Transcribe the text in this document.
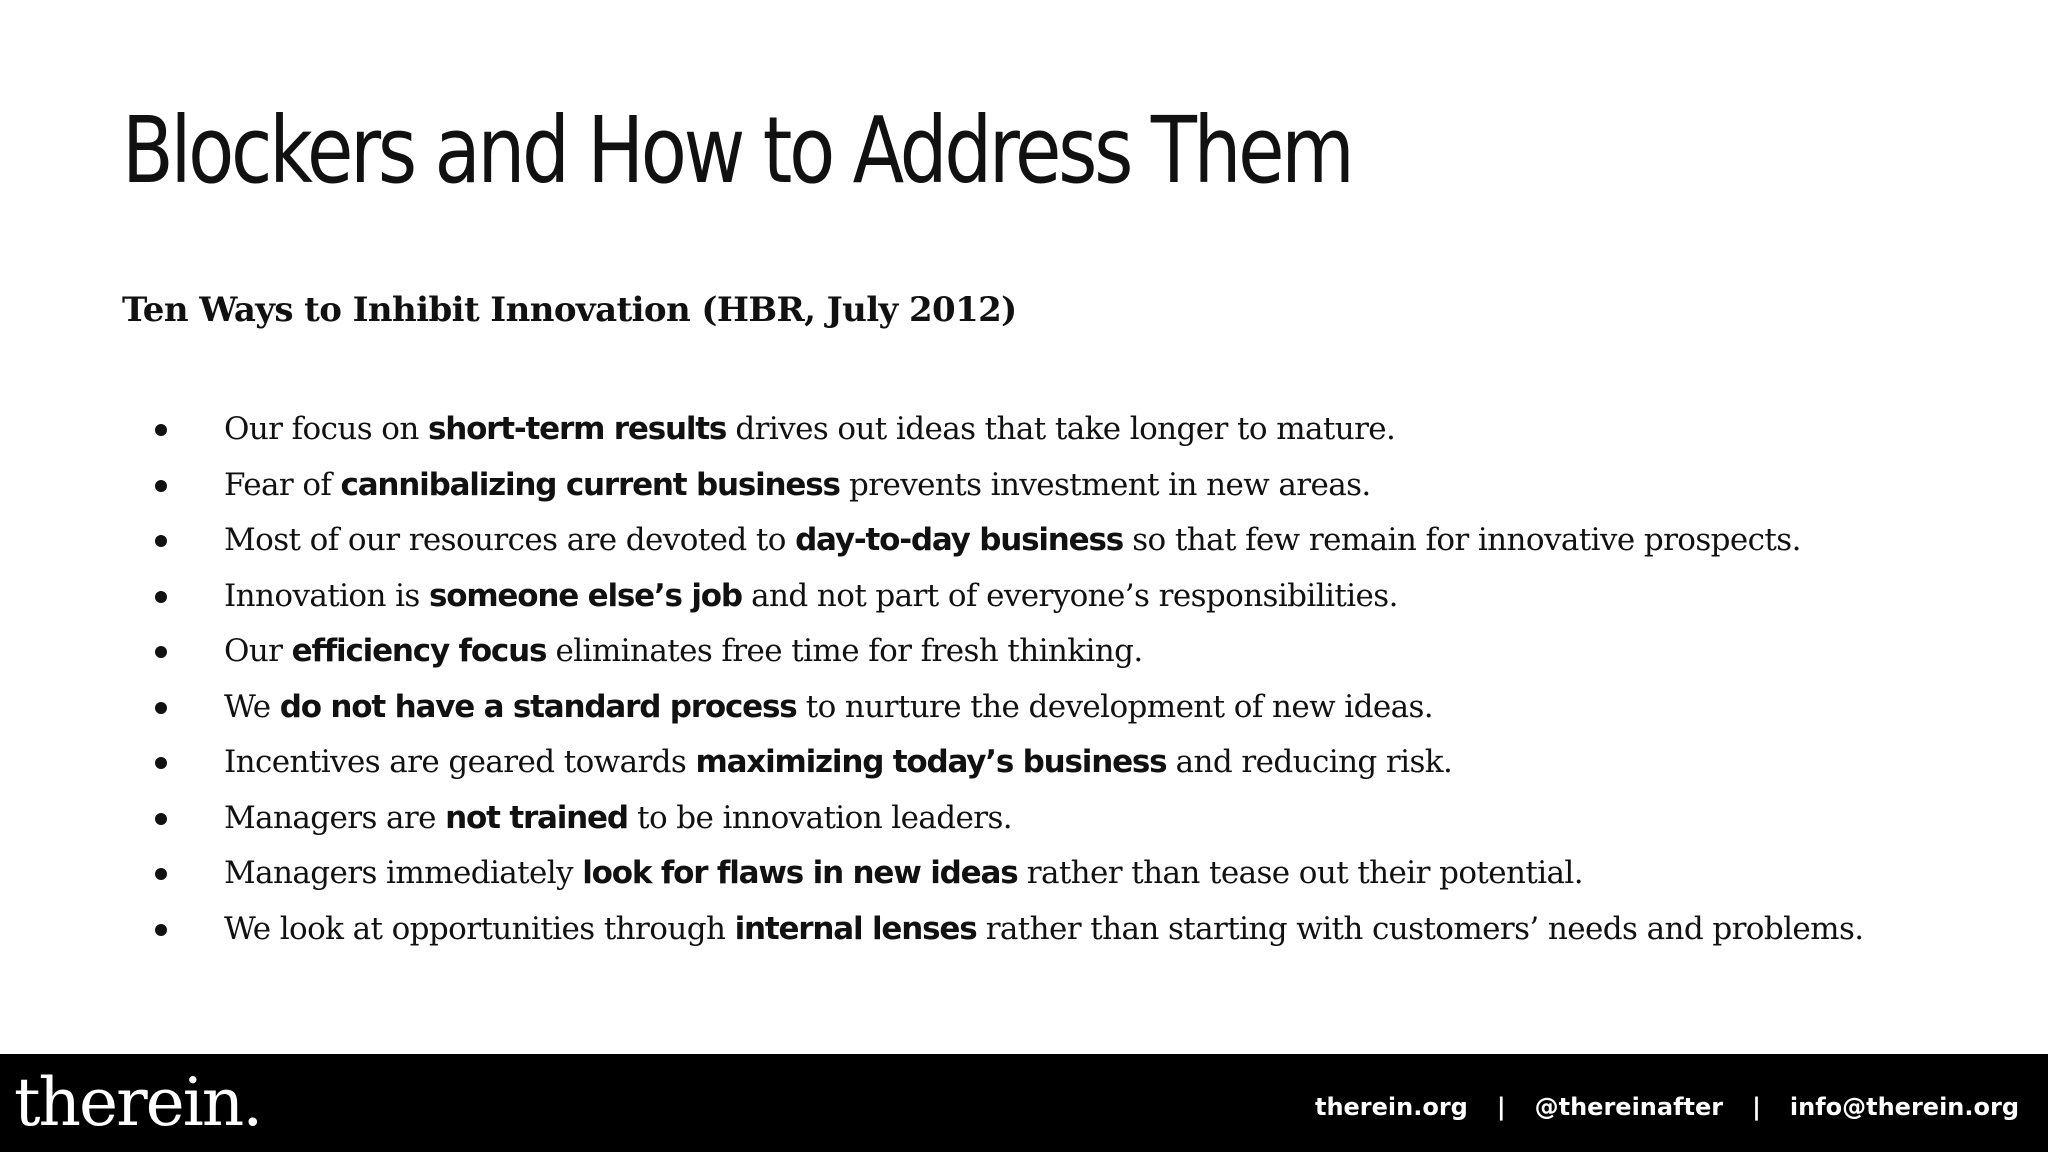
Blockers and How to Address Them
Ten Ways to Inhibit Innovation (HBR, July 2012)
Our focus on short-term results drives out ideas that take longer to mature.
Fear of cannibalizing current business prevents investment in new areas.
Most of our resources are devoted to day-to-day business so that few remain for innovative prospects.
Innovation is someone else’s job and not part of everyone’s responsibilities.
Our efficiency focus eliminates free time for fresh thinking.
We do not have a standard process to nurture the development of new ideas.
Incentives are geared towards maximizing today’s business and reducing risk.
Managers are not trained to be innovation leaders.
Managers immediately look for flaws in new ideas rather than tease out their potential.
We look at opportunities through internal lenses rather than starting with customers’ needs and problems.
therein.	therein.org | @thereinafter | info@therein.org
